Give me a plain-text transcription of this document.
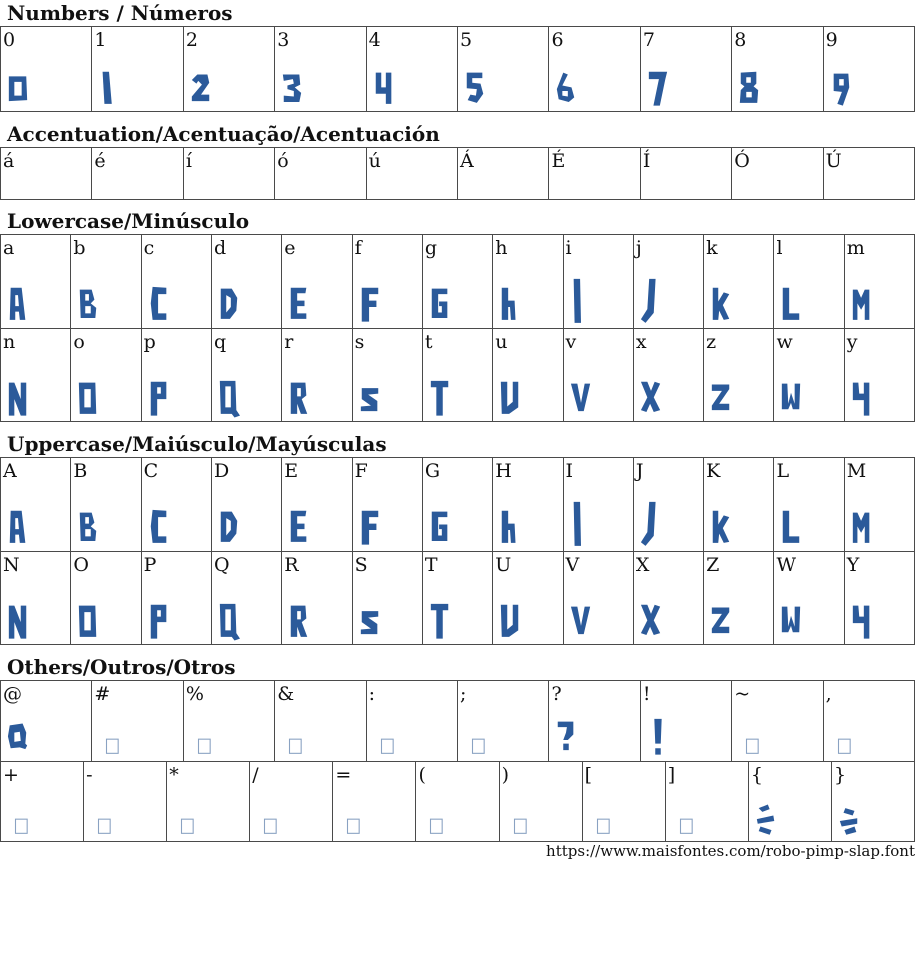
Numbers / Números
0	1	2	3	4	5	6	7	8	9
Accentuation/Acentuação/Acentuación
á	é	í	ó	ú	Á	É	Í	Ó	Ú
Lowercase/Minúsculo
a	b	c	d	e	f	g	h	i	j	k	l	m
n	o	p	q	r	s	t	u	v	x	z	w	y
Uppercase/Maiúsculo/Mayúsculas
A	B	C	D	E	F	G	H	I	J	K	L	M
N	O	P	Q	R	S	T	U	V	X	Z	W	Y
Others/Outros/Otros
@	#	%	&	:	;	?	!	~	,
+	-	*	/	=	(	)	[	]	{	}
https://www.maisfontes.com/robo-pimp-slap.font
